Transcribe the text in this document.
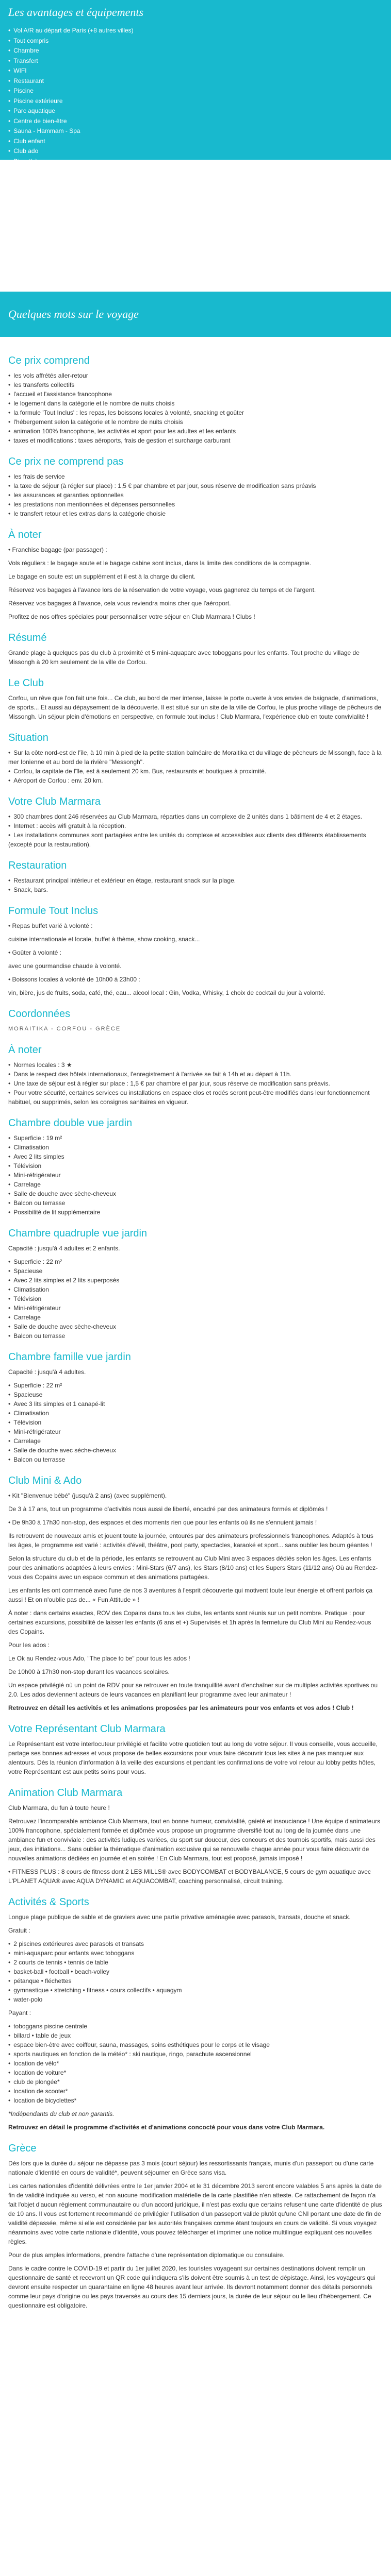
Les avantages et équipements
• Vol A/R au départ de Paris (+8 autres villes)
• Tout compris
• Chambre
• Transfert
• WIFI
• Restaurant
• Piscine
• Piscine extérieure
• Parc aquatique
• Centre de bien-être
• Sauna - Hammam - Spa
• Club enfant
• Club ado
• Discothèque
• Terrain de sport
• Télévision
• Climatisation
• Accueil francophone
Quelques mots sur le voyage
Ce prix comprend
• les vols affrétés aller-retour
• les transferts collectifs
• l'accueil et l'assistance francophone
• le logement dans la catégorie et le nombre de nuits choisis
• la formule 'Tout Inclus' : les repas, les boissons locales à volonté, snacking et goûter
• l'hébergement selon la catégorie et le nombre de nuits choisis
• animation 100% francophone, les activités et sport pour les adultes et les enfants
• taxes et modifications : taxes aéroports, frais de gestion et surcharge carburant
Ce prix ne comprend pas
• les frais de service
• la taxe de séjour (à régler sur place) : 1,5 € par chambre et par jour, sous réserve de modification sans préavis
• les assurances et garanties optionnelles
• les prestations non mentionnées et dépenses personnelles
• le transfert retour et les extras dans la catégorie choisie
À noter

• Franchise bagage (par passager) :

Vols réguliers : le bagage soute et le bagage cabine sont inclus, dans la limite des conditions de la compagnie.

Le bagage en soute est un supplément et il est à la charge du client.

Réservez vos bagages à l'avance lors de la réservation de votre voyage, vous gagnerez du temps et de l'argent.

Réservez vos bagages à l'avance, cela vous reviendra moins cher que l'aéroport.

Profitez de nos offres spéciales pour personnaliser votre séjour en Club Marmara ! Clubs !

Résumé

Grande plage à quelques pas du club à proximité et 5 mini-aquaparc avec toboggans pour les enfants. Tout proche du village de Missongh à 20 km seulement de la ville de Corfou.

Le Club

Corfou, un rêve que l'on fait une fois... Ce club, au bord de mer intense, laisse le porte ouverte à vos envies de baignade, d'animations, de sports... Et aussi au dépaysement de la découverte. Il est situé sur un site de la ville de Corfou, le plus proche village de pêcheurs de Missongh. Un séjour plein d'émotions en perspective, en formule tout inclus ! Club Marmara, l'expérience club en toute convivialité !

Situation
• Sur la côte nord-est de l'île, à 10 min à pied de la petite station balnéaire de Moraitika et du village de pêcheurs de Missongh, face à la mer Ionienne et au bord de la rivière "Messongh".
• Corfou, la capitale de l'île, est à seulement 20 km. Bus, restaurants et boutiques à proximité.
• Aéroport de Corfou : env. 20 km.
Votre Club Marmara
• 300 chambres dont 246 réservées au Club Marmara, réparties dans un complexe de 2 unités dans 1 bâtiment de 4 et 2 étages.
• Internet : accès wifi gratuit à la réception.
• Les installations communes sont partagées entre les unités du complexe et accessibles aux clients des différents établissements (excepté pour la restauration).
Restauration
• Restaurant principal intérieur et extérieur en étage, restaurant snack sur la plage.
• Snack, bars.
Formule Tout Inclus

• Repas buffet varié à volonté :

cuisine internationale et locale, buffet à thème, show cooking, snack...

• Goûter à volonté :

avec une gourmandise chaude à volonté.

• Boissons locales à volonté de 10h00 à 23h00 :

vin, bière, jus de fruits, soda, café, thé, eau... alcool local : Gin, Vodka, Whisky, 1 choix de cocktail du jour à volonté.

Coordonnées

MORAITIKA - CORFOU - GRÈCE

À noter
• Normes locales : 3 ★
• Dans le respect des hôtels internationaux, l'enregistrement à l'arrivée se fait à 14h et au départ à 11h.
• Une taxe de séjour est à régler sur place : 1,5 € par chambre et par jour, sous réserve de modification sans préavis.
• Pour votre sécurité, certaines services ou installations en espace clos et rodés seront peut-être modifiés dans leur fonctionnement habituel, ou supprimés, selon les consignes sanitaires en vigueur.
Chambre double vue jardin
• Superficie : 19 m²
• Climatisation
• Avec 2 lits simples
• Télévision
• Mini-réfrigérateur
• Carrelage
• Salle de douche avec sèche-cheveux
• Balcon ou terrasse
• Possibilité de lit supplémentaire
Chambre quadruple vue jardin

Capacité : jusqu'à 4 adultes et 2 enfants.

• Superficie : 22 m²
• Spacieuse
• Avec 2 lits simples et 2 lits superposés
• Climatisation
• Télévision
• Mini-réfrigérateur
• Carrelage
• Salle de douche avec sèche-cheveux
• Balcon ou terrasse
Chambre famille vue jardin

Capacité : jusqu'à 4 adultes.

• Superficie : 22 m²
• Spacieuse
• Avec 3 lits simples et 1 canapé-lit
• Climatisation
• Télévision
• Mini-réfrigérateur
• Carrelage
• Salle de douche avec sèche-cheveux
• Balcon ou terrasse
Club Mini & Ado

• Kit "Bienvenue bébé" (jusqu'à 2 ans) (avec supplément).

De 3 à 17 ans, tout un programme d'activités nous aussi de liberté, encadré par des animateurs formés et diplômés !

• De 9h30 à 17h30 non-stop, des espaces et des moments rien que pour les enfants où ils ne s'ennuient jamais !

Ils retrouvent de nouveaux amis et jouent toute la journée, entourés par des animateurs professionnels francophones. Adaptés à tous les âges, le programme est varié : activités d'éveil, théâtre, pool party, spectacles, karaoké et sport... sans oublier les boum géantes !

Selon la structure du club et de la période, les enfants se retrouvent au Club Mini avec 3 espaces dédiés selon les âges. Les enfants pour des animations adaptées à leurs envies : Mini-Stars (6/7 ans), les Stars (8/10 ans) et les Supers Stars (11/12 ans) Où au Rendez-vous des Copains avec un espace commun et des animations partagées.

Les enfants les ont commencé avec l'une de nos 3 aventures à l'esprit découverte qui motivent toute leur énergie et offrent parfois ça aussi ! Et on n'oublie pas de... « Fun Attitude » !

À noter : dans certains esactes, ROV des Copains dans tous les clubs, les enfants sont réunis sur un petit nombre. Pratique : pour certaines excursions, possibilité de laisser les enfants (6 ans et +) Supervisés et 1h après la fermeture du Club Mini au Rendez-vous des Copains.

Pour les ados :

Le Ok au Rendez-vous Ado, "The place to be" pour tous les ados !

De 10h00 à 17h30 non-stop durant les vacances scolaires.

Un espace privilégié où un point de RDV pour se retrouver en toute tranquillité avant d'enchaîner sur de multiples activités sportives ou 2.0. Les ados deviennent acteurs de leurs vacances en planifiant leur programme avec leur animateur !

Retrouvez en détail les activités et les animations proposées par les animateurs pour vos enfants et vos ados ! Club !

Votre Représentant Club Marmara

Le Représentant est votre interlocuteur privilégié et facilite votre quotidien tout au long de votre séjour. Il vous conseille, vous accueille, partage ses bonnes adresses et vous propose de belles excursions pour vous faire découvrir tous les sites à ne pas manquer aux alentours. Dès la réunion d'information à la veille des excursions et pendant les confirmations de votre vol retour au lobby petits hôtes, votre Représentant est aux petits soins pour vous.

Animation Club Marmara

Club Marmara, du fun à toute heure !

Retrouvez l'incomparable ambiance Club Marmara, tout en bonne humeur, convivialité, gaieté et insouciance ! Une équipe d'animateurs 100% francophone, spécialement formée et diplômée vous propose un programme diversifié tout au long de la journée dans une ambiance fun et conviviale : des activités ludiques variées, du sport sur douceur, des concours et des tournois sportifs, mais aussi des jeux, des initiations... Sans oublier la thématique d'animation exclusive qui se renouvelle chaque année pour vous faire découvrir de nouvelles animations dédiées en journée et en soirée ! En Club Marmara, tout est proposé, jamais imposé !

• FITNESS PLUS : 8 cours de fitness dont 2 LES MILLS® avec BODYCOMBAT et BODYBALANCE, 5 cours de gym aquatique avec L'PLANET AQUA® avec AQUA DYNAMIC et AQUACOMBAT, coaching personnalisé, circuit training.

Activités & Sports

Longue plage publique de sable et de graviers avec une partie privative aménagée avec parasols, transats, douche et snack.

Gratuit :

• 2 piscines extérieures avec parasols et transats
• mini-aquaparc pour enfants avec toboggans
• 2 courts de tennis • tennis de table
• basket-ball • football • beach-volley
• pétanque • fléchettes
• gymnastique • stretching • fitness • cours collectifs • aquagym
• water-polo

Payant :

• toboggans piscine centrale
• billard • table de jeux
• espace bien-être avec coiffeur, sauna, massages, soins esthétiques pour le corps et le visage
• sports nautiques en fonction de la météo* : ski nautique, ringo, parachute ascensionnel
• location de vélo*
• location de voiture*
• club de plongée*
• location de scooter*
• location de bicyclettes*

*Indépendants du club et non garantis.

Retrouvez en détail le programme d'activités et d'animations concocté pour vous dans votre Club Marmara.

Grèce

Dès lors que la durée du séjour ne dépasse pas 3 mois (court séjour) les ressortissants français, munis d'un passeport ou d'une carte nationale d'identité en cours de validité*, peuvent séjourner en Grèce sans visa.

Les cartes nationales d'identité délivrées entre le 1er janvier 2004 et le 31 décembre 2013 seront encore valables 5 ans après la date de fin de validité indiquée au verso, et non aucune modification matérielle de la carte plastifiée n'en atteste. Ce rattachement de façon n'a fait l'objet d'aucun règlement communautaire ou d'un accord juridique, il n'est pas exclu que certains refusent une carte d'identité de plus de 10 ans. Il vous est fortement recommandé de privilégier l'utilisation d'un passeport valide plutôt qu'une CNI portant une date de fin de validité dépassée, même si elle est considérée par les autorités françaises comme étant toujours en cours de validité. Si vous voyagez néanmoins avec votre carte nationale d'identité, vous pouvez télécharger et imprimer une notice multilingue expliquant ces nouvelles règles.

Pour de plus amples informations, prendre l'attache d'une représentation diplomatique ou consulaire.

Dans le cadre contre le COVID-19 et partir du 1er juillet 2020, les touristes voyageant sur certaines destinations doivent remplir un questionnaire de santé et recevront un QR code qui indiquera s'ils doivent être soumis à un test de dépistage. Ainsi, les voyageurs qui devront ensuite respecter un quarantaine en ligne 48 heures avant leur arrivée. Ils devront notamment donner des détails personnels comme leur pays d'origine ou les pays traversés au cours des 15 derniers jours, la durée de leur séjour ou le lieu d'hébergement. Ce questionnaire est obligatoire.
